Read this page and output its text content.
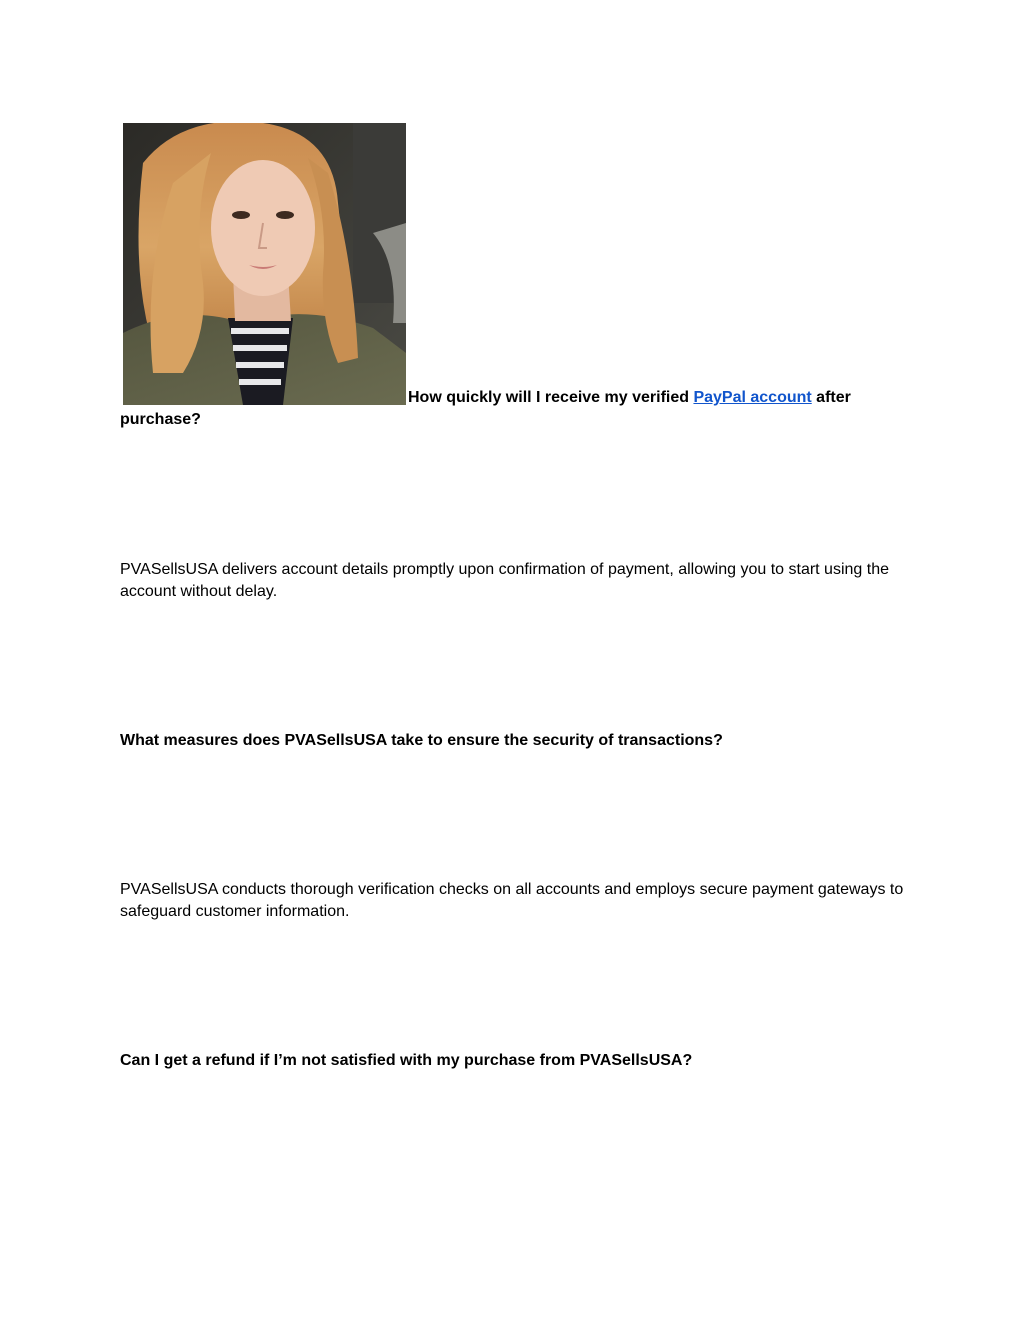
How quickly will I receive my verified PayPal account after
purchase?

PVASellsUSA delivers account details promptly upon confirmation of payment, allowing you to start using the account without delay.

What measures does PVASellsUSA take to ensure the security of transactions?

PVASellsUSA conducts thorough verification checks on all accounts and employs secure payment gateways to safeguard customer information.

Can I get a refund if I’m not satisfied with my purchase from PVASellsUSA?
